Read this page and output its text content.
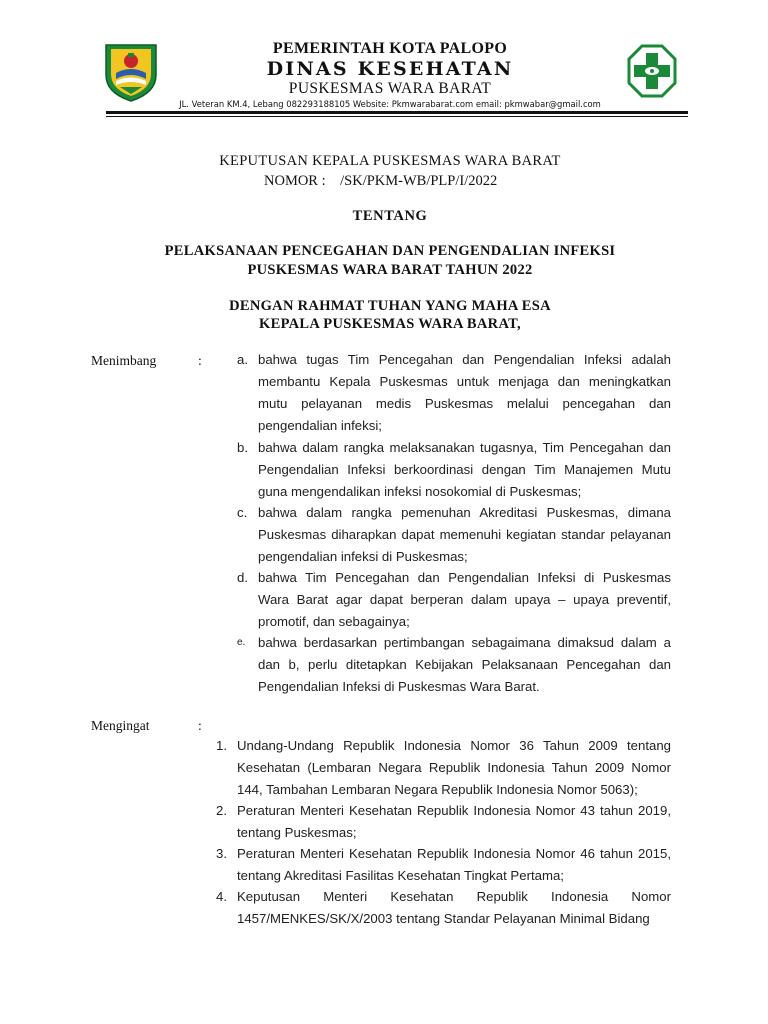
PEMERINTAH KOTA PALOPO
DINAS KESEHATAN
PUSKESMAS WARA BARAT
JL. Veteran KM.4, Lebang 082293188105 Website: Pkmwarabarat.com email: pkmwabar@gmail.com
KEPUTUSAN KEPALA PUSKESMAS WARA BARAT
NOMOR :    /SK/PKM-WB/PLP/I/2022
TENTANG
PELAKSANAAN PENCEGAHAN DAN PENGENDALIAN INFEKSI
PUSKESMAS WARA BARAT TAHUN 2022
DENGAN RAHMAT TUHAN YANG MAHA ESA
KEPALA PUSKESMAS WARA BARAT,
Menimbang	:	a. bahwa tugas Tim Pencegahan dan Pengendalian Infeksi adalah membantu Kepala Puskesmas untuk menjaga dan meningkatkan mutu pelayanan medis Puskesmas melalui pencegahan dan pengendalian infeksi;
b. bahwa dalam rangka melaksanakan tugasnya, Tim Pencegahan dan Pengendalian Infeksi berkoordinasi dengan Tim Manajemen Mutu guna mengendalikan infeksi nosokomial di Puskesmas;
c. bahwa dalam rangka pemenuhan Akreditasi Puskesmas, dimana Puskesmas diharapkan dapat memenuhi kegiatan standar pelayanan pengendalian infeksi di Puskesmas;
d. bahwa Tim Pencegahan dan Pengendalian Infeksi di Puskesmas Wara Barat agar dapat berperan dalam upaya – upaya preventif, promotif, dan sebagainya;
e. bahwa berdasarkan pertimbangan sebagaimana dimaksud dalam a dan b, perlu ditetapkan Kebijakan Pelaksanaan Pencegahan dan Pengendalian Infeksi di Puskesmas Wara Barat.
Mengingat	:
1. Undang-Undang Republik Indonesia Nomor 36 Tahun 2009 tentang Kesehatan (Lembaran Negara Republik Indonesia Tahun 2009 Nomor 144, Tambahan Lembaran Negara Republik Indonesia Nomor 5063);
2. Peraturan Menteri Kesehatan Republik Indonesia Nomor 43 tahun 2019, tentang Puskesmas;
3. Peraturan Menteri Kesehatan Republik Indonesia Nomor 46 tahun 2015, tentang Akreditasi Fasilitas Kesehatan Tingkat Pertama;
4. Keputusan Menteri Kesehatan Republik Indonesia Nomor 1457/MENKES/SK/X/2003 tentang Standar Pelayanan Minimal Bidang
